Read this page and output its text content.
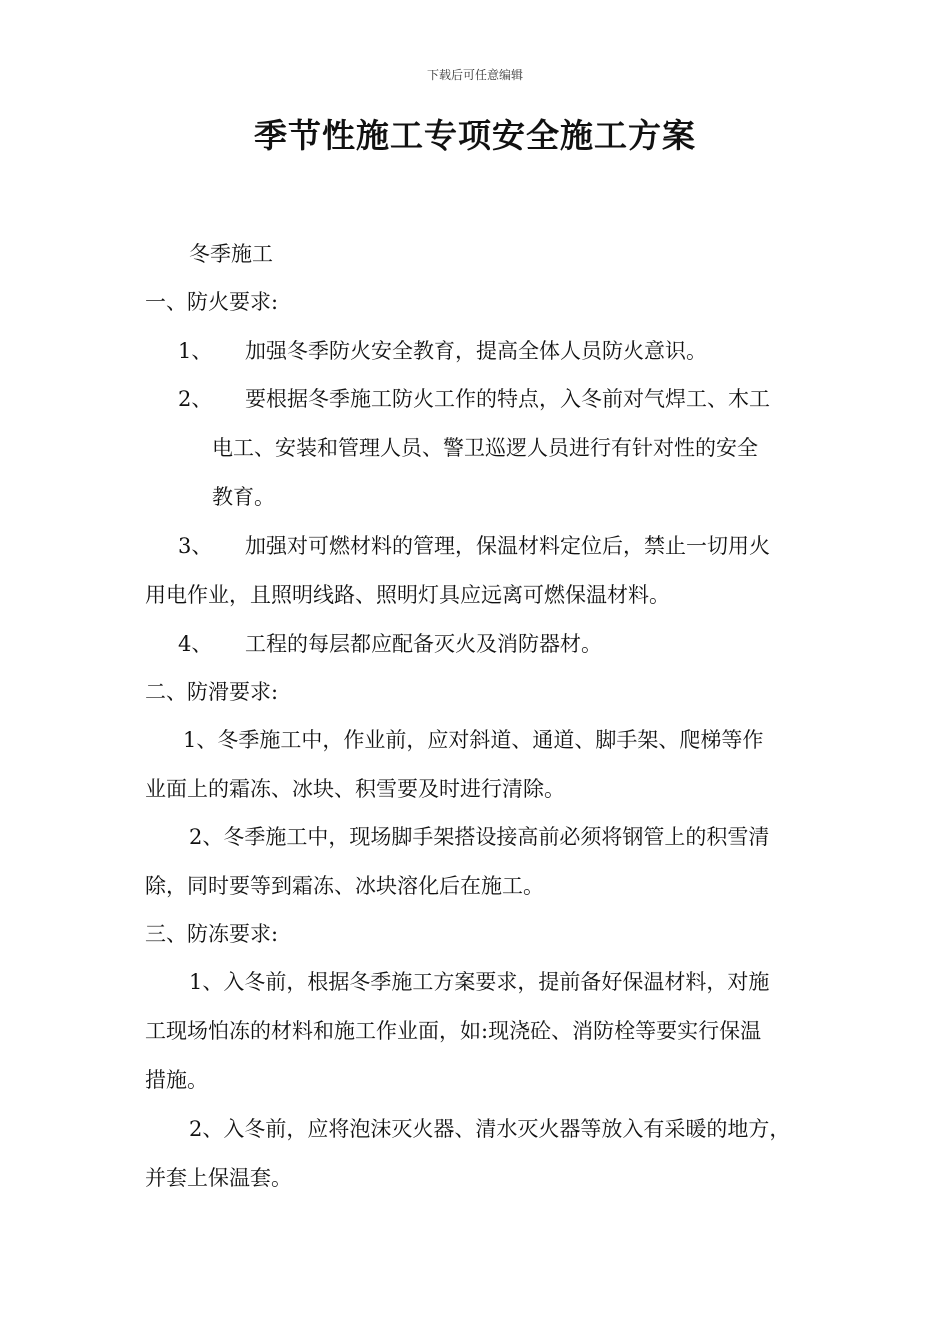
下载后可任意编辑
季节性施工专项安全施工方案
冬季施工
一、防火要求:
1、 加强冬季防火安全教育，提高全体人员防火意识。
2、 要根据冬季施工防火工作的特点，入冬前对气焊工、木工
电工、安装和管理人员、警卫巡逻人员进行有针对性的安全
教育。
3、 加强对可燃材料的管理，保温材料定位后，禁止一切用火
用电作业，且照明线路、照明灯具应远离可燃保温材料。
4、 工程的每层都应配备灭火及消防器材。
二、防滑要求:
1、冬季施工中，作业前，应对斜道、通道、脚手架、爬梯等作
业面上的霜冻、冰块、积雪要及时进行清除。
2、冬季施工中，现场脚手架搭设接高前必须将钢管上的积雪清
除，同时要等到霜冻、冰块溶化后在施工。
三、防冻要求:
1、入冬前，根据冬季施工方案要求，提前备好保温材料，对施
工现场怕冻的材料和施工作业面，如:现浇砼、消防栓等要实行保温
措施。
2、入冬前，应将泡沫灭火器、清水灭火器等放入有采暖的地方，
并套上保温套。
